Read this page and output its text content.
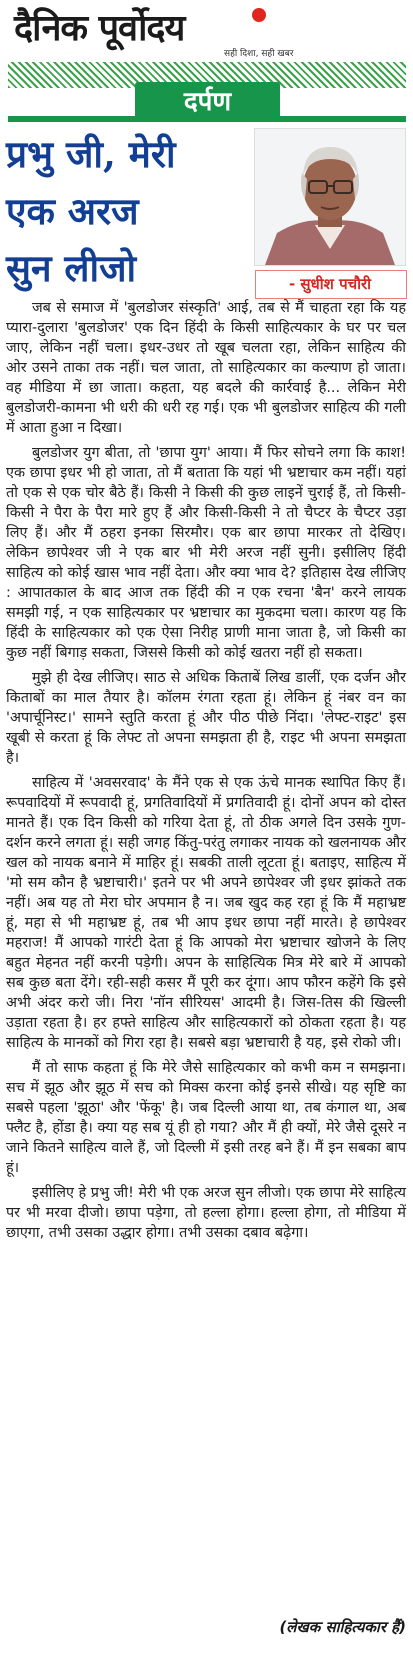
दैनिक पूर्वोदय
सही दिशा, सही खबर
दर्पण
प्रभु जी, मेरी
एक अरज
सुन लीजो	- सुधीश पचौरी

जब से समाज में 'बुलडोजर संस्कृति' आई, तब से मैं चाहता रहा कि यह प्यारा-दुलारा 'बुलडोजर' एक दिन हिंदी के किसी साहित्यकार के घर पर चल जाए, लेकिन नहीं चला। इधर-उधर तो खूब चलता रहा, लेकिन साहित्य की ओर उसने ताका तक नहीं। चल जाता, तो साहित्यकार का कल्याण हो जाता। वह मीडिया में छा जाता। कहता, यह बदले की कार्रवाई है... लेकिन मेरी बुलडोजरी-कामना भी धरी की धरी रह गई। एक भी बुलडोजर साहित्य की गली में आता हुआ न दिखा।

बुलडोजर युग बीता, तो 'छापा युग' आया। मैं फिर सोचने लगा कि काश! एक छापा इधर भी हो जाता, तो मैं बताता कि यहां भी भ्रष्टाचार कम नहीं। यहां तो एक से एक चोर बैठे हैं। किसी ने किसी की कुछ लाइनें चुराई हैं, तो किसी-किसी ने पैरा के पैरा मारे हुए हैं और किसी-किसी ने तो चैप्टर के चैप्टर उड़ा लिए हैं। और मैं ठहरा इनका सिरमौर। एक बार छापा मारकर तो देखिए। लेकिन छापेश्वर जी ने एक बार भी मेरी अरज नहीं सुनी। इसीलिए हिंदी साहित्य को कोई खास भाव नहीं देता। और क्या भाव दे? इतिहास देख लीजिए : आपातकाल के बाद आज तक हिंदी की न एक रचना 'बैन' करने लायक समझी गई, न एक साहित्यकार पर भ्रष्टाचार का मुकदमा चला। कारण यह कि हिंदी के साहित्यकार को एक ऐसा निरीह प्राणी माना जाता है, जो किसी का कुछ नहीं बिगाड़ सकता, जिससे किसी को कोई खतरा नहीं हो सकता।

मुझे ही देख लीजिए। साठ से अधिक किताबें लिख डालीं, एक दर्जन और किताबों का माल तैयार है। कॉलम रंगता रहता हूं। लेकिन हूं नंबर वन का 'अपार्चूनिस्ट।' सामने स्तुति करता हूं और पीठ पीछे निंदा। 'लेफ्ट-राइट' इस खूबी से करता हूं कि लेफ्ट तो अपना समझता ही है, राइट भी अपना समझता है।

साहित्य में 'अवसरवाद' के मैंने एक से एक ऊंचे मानक स्थापित किए हैं। रूपवादियों में रूपवादी हूं, प्रगतिवादियों में प्रगतिवादी हूं। दोनों अपन को दोस्त मानते हैं। एक दिन किसी को गरिया देता हूं, तो ठीक अगले दिन उसके गुण-दर्शन करने लगता हूं। सही जगह किंतु-परंतु लगाकर नायक को खलनायक और खल को नायक बनाने में माहिर हूं। सबकी ताली लूटता हूं। बताइए, साहित्य में 'मो सम कौन है भ्रष्टाचारी।' इतने पर भी अपने छापेश्वर जी इधर झांकते तक नहीं। अब यह तो मेरा घोर अपमान है न। जब खुद कह रहा हूं कि मैं महाभ्रष्ट हूं, महा से भी महाभ्रष्ट हूं, तब भी आप इधर छापा नहीं मारते। हे छापेश्वर महराज! मैं आपको गारंटी देता हूं कि आपको मेरा भ्रष्टाचार खोजने के लिए बहुत मेहनत नहीं करनी पड़ेगी। अपन के साहित्यिक मित्र मेरे बारे में आपको सब कुछ बता देंगे। रही-सही कसर मैं पूरी कर दूंगा। आप फौरन कहेंगे कि इसे अभी अंदर करो जी। निरा 'नॉन सीरियस' आदमी है। जिस-तिस की खिल्ली उड़ाता रहता है। हर हफ्ते साहित्य और साहित्यकारों को ठोकता रहता है। यह साहित्य के मानकों को गिरा रहा है। सबसे बड़ा भ्रष्टाचारी है यह, इसे रोको जी।

मैं तो साफ कहता हूं कि मेरे जैसे साहित्यकार को कभी कम न समझना। सच में झूठ और झूठ में सच को मिक्स करना कोई इनसे सीखे। यह सृष्टि का सबसे पहला 'झूठा' और 'फेंकू' है। जब दिल्ली आया था, तब कंगाल था, अब फ्लैट है, होंडा है। क्या यह सब यूं ही हो गया? और मैं ही क्यों, मेरे जैसे दूसरे न जाने कितने साहित्य वाले हैं, जो दिल्ली में इसी तरह बने हैं। मैं इन सबका बाप हूं।

इसीलिए हे प्रभु जी! मेरी भी एक अरज सुन लीजो। एक छापा मेरे साहित्य पर भी मरवा दीजो। छापा पड़ेगा, तो हल्ला होगा। हल्ला होगा, तो मीडिया में छाएगा, तभी उसका उद्धार होगा। तभी उसका दबाव बढ़ेगा।

(लेखक साहित्यकार हैं)
